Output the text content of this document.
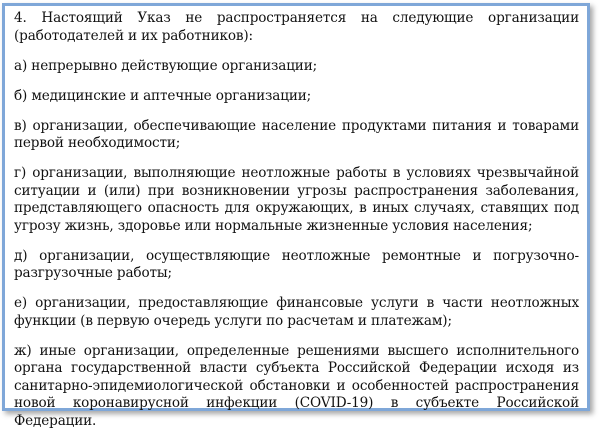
4. Настоящий Указ не распространяется на следующие организации (работодателей и их работников):

а) непрерывно действующие организации;

б) медицинские и аптечные организации;

в) организации, обеспечивающие население продуктами питания и товарами первой необходимости;

г) организации, выполняющие неотложные работы в условиях чрезвычайной ситуации и (или) при возникновении угрозы распространения заболевания, представляющего опасность для окружающих, в иных случаях, ставящих под угрозу жизнь, здоровье или нормальные жизненные условия населения;

д) организации, осуществляющие неотложные ремонтные и погрузочно-разгрузочные работы;

е) организации, предоставляющие финансовые услуги в части неотложных функции (в первую очередь услуги по расчетам и платежам);

ж) иные организации, определенные решениями высшего исполнительного органа государственной власти субъекта Российской Федерации исходя из санитарно-эпидемиологической обстановки и особенностей распространения новой коронавирусной инфекции (COVID-19) в субъекте Российской Федерации.
